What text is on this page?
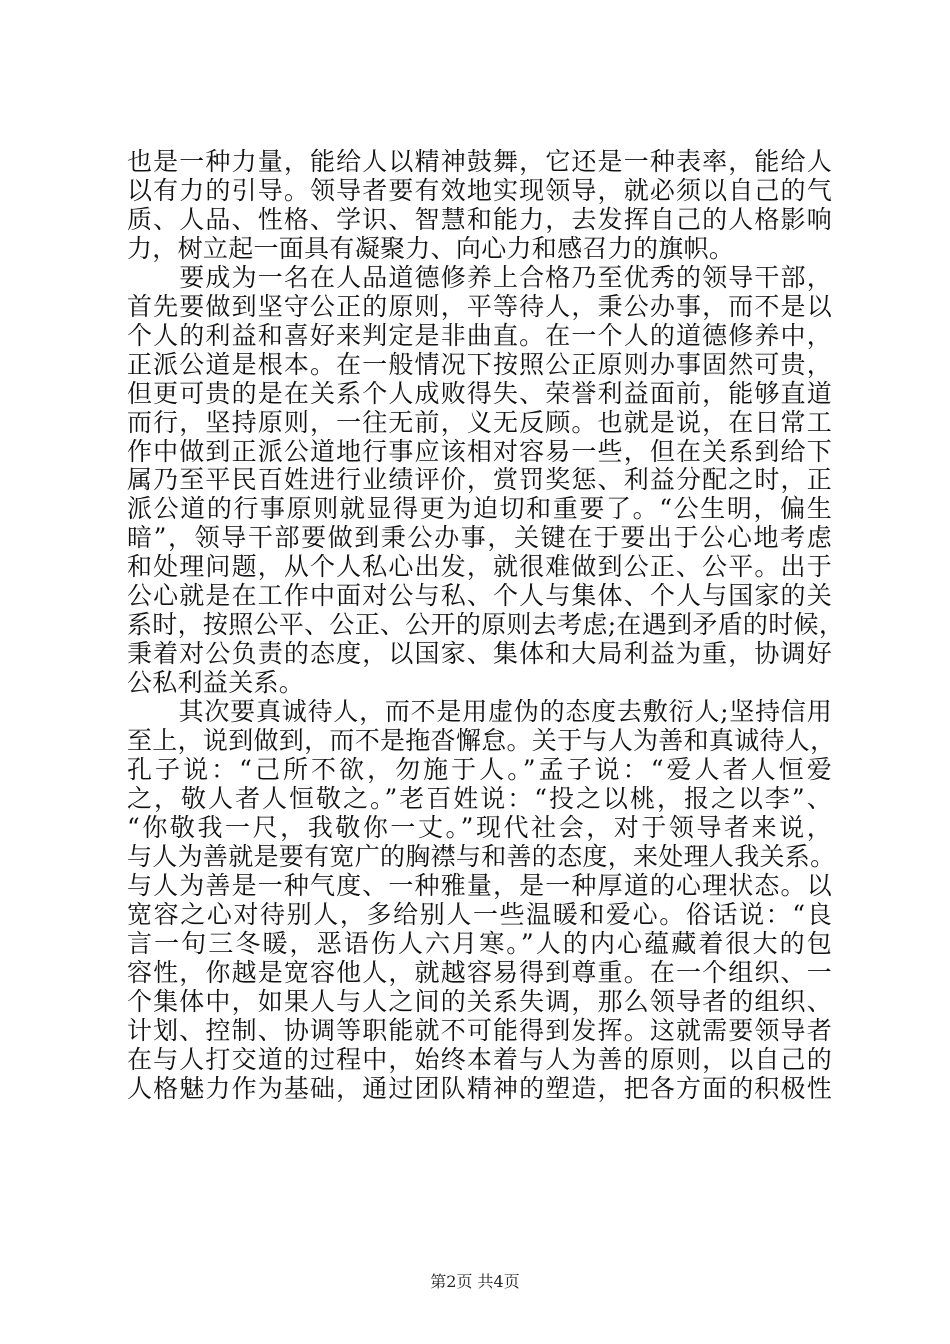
也是一种力量，能给人以精神鼓舞，它还是一种表率，能给人
以有力的引导。领导者要有效地实现领导，就必须以自己的气
质、人品、性格、学识、智慧和能力，去发挥自己的人格影响
力，树立起一面具有凝聚力、向心力和感召力的旗帜。
　　要成为一名在人品道德修养上合格乃至优秀的领导干部，
首先要做到坚守公正的原则，平等待人，秉公办事，而不是以
个人的利益和喜好来判定是非曲直。在一个人的道德修养中，
正派公道是根本。在一般情况下按照公正原则办事固然可贵，
但更可贵的是在关系个人成败得失、荣誉利益面前，能够直道
而行，坚持原则，一往无前，义无反顾。也就是说，在日常工
作中做到正派公道地行事应该相对容易一些，但在关系到给下
属乃至平民百姓进行业绩评价，赏罚奖惩、利益分配之时，正
派公道的行事原则就显得更为迫切和重要了。“公生明，偏生
暗”，领导干部要做到秉公办事，关键在于要出于公心地考虑
和处理问题，从个人私心出发，就很难做到公正、公平。出于
公心就是在工作中面对公与私、个人与集体、个人与国家的关
系时，按照公平、公正、公开的原则去考虑;在遇到矛盾的时候，
秉着对公负责的态度，以国家、集体和大局利益为重，协调好
公私利益关系。
　　其次要真诚待人，而不是用虚伪的态度去敷衍人;坚持信用
至上，说到做到，而不是拖沓懈怠。关于与人为善和真诚待人，
孔子说：“己所不欲，勿施于人。”孟子说：“爱人者人恒爱
之，敬人者人恒敬之。”老百姓说：“投之以桃，报之以李”、
“你敬我一尺，我敬你一丈。”现代社会，对于领导者来说，
与人为善就是要有宽广的胸襟与和善的态度，来处理人我关系。
与人为善是一种气度、一种雅量，是一种厚道的心理状态。以
宽容之心对待别人，多给别人一些温暖和爱心。俗话说：“良
言一句三冬暖，恶语伤人六月寒。”人的内心蕴藏着很大的包
容性，你越是宽容他人，就越容易得到尊重。在一个组织、一
个集体中，如果人与人之间的关系失调，那么领导者的组织、
计划、控制、协调等职能就不可能得到发挥。这就需要领导者
在与人打交道的过程中，始终本着与人为善的原则，以自己的
人格魅力作为基础，通过团队精神的塑造，把各方面的积极性
第2页 共4页
